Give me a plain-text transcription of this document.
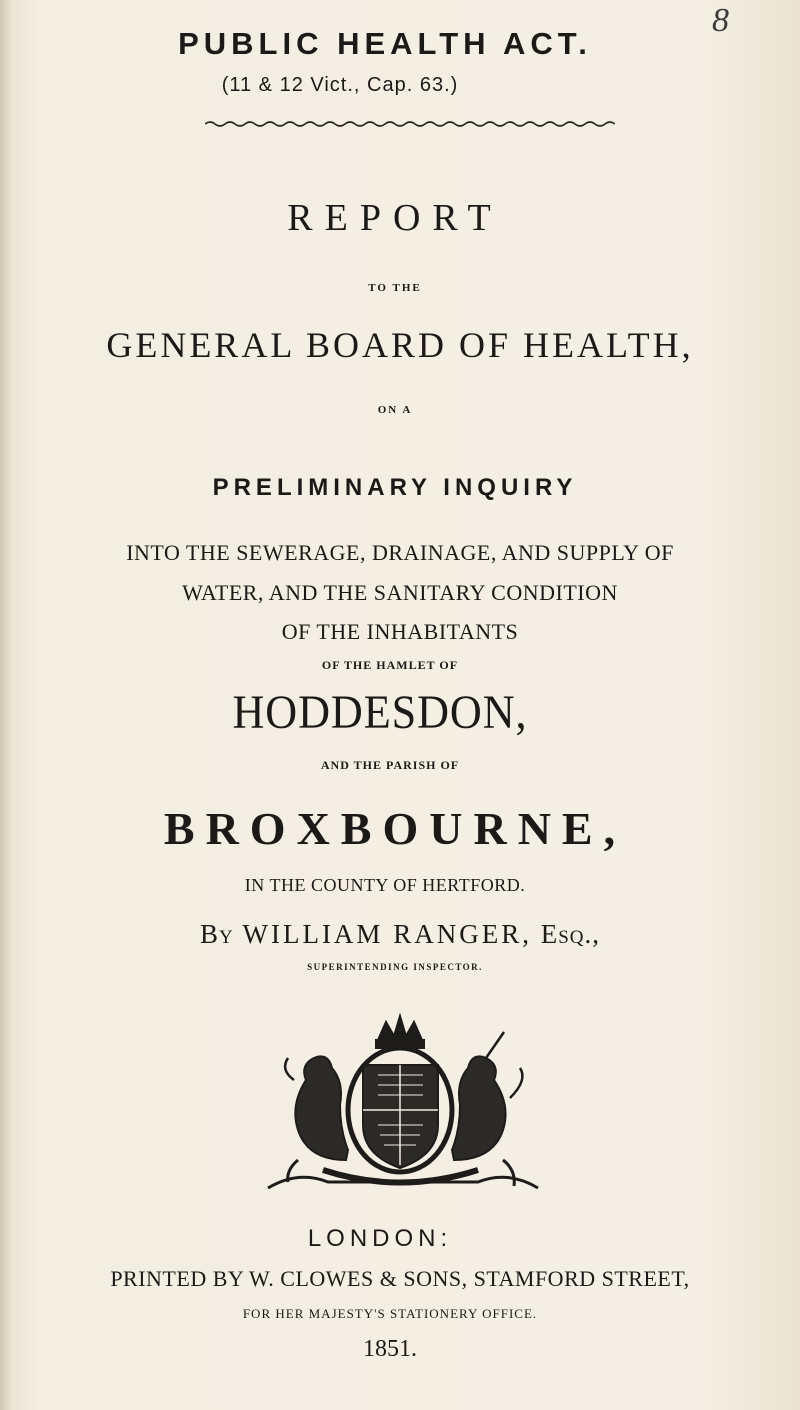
8
PUBLIC HEALTH ACT.
(11 & 12 Vict., Cap. 63.)
REPORT
TO THE
GENERAL BOARD OF HEALTH,
ON A
PRELIMINARY INQUIRY
INTO THE SEWERAGE, DRAINAGE, AND SUPPLY OF
WATER, AND THE SANITARY CONDITION
OF THE INHABITANTS
OF THE HAMLET OF
HODDESDON,
AND THE PARISH OF
BROXBOURNE,
IN THE COUNTY OF HERTFORD.
By WILLIAM RANGER, Esq.,
SUPERINTENDING INSPECTOR.
LONDON:
PRINTED BY W. CLOWES & SONS, STAMFORD STREET,
FOR HER MAJESTY'S STATIONERY OFFICE.
1851.
